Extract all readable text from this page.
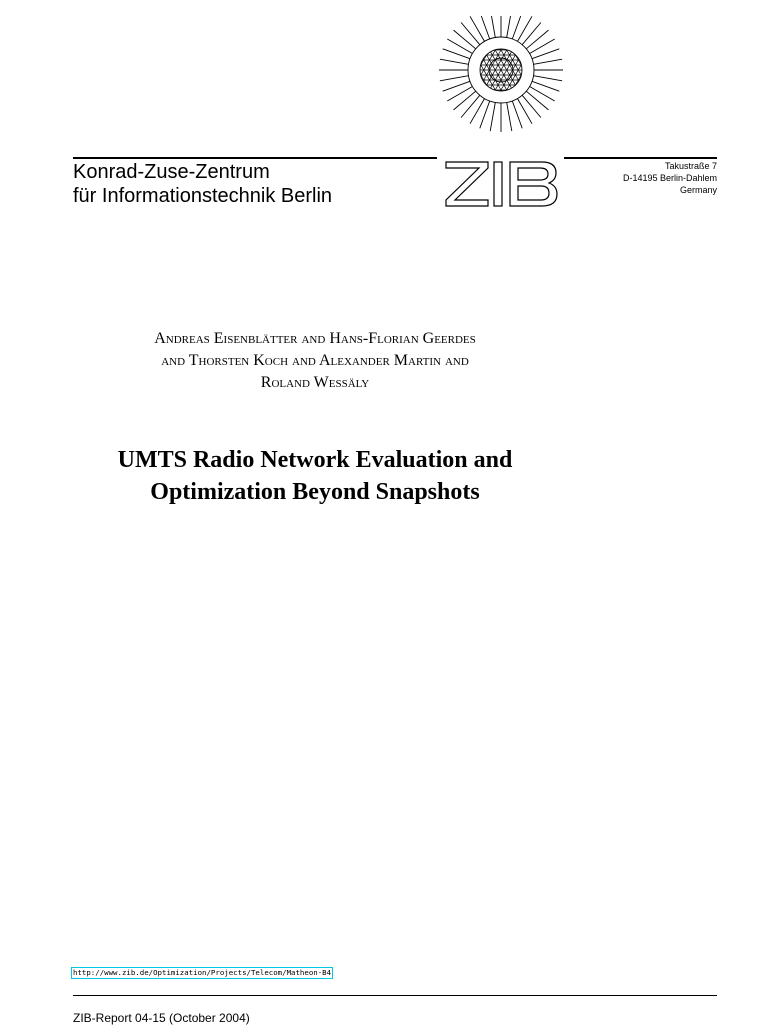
Konrad-Zuse-Zentrum
für Informationstechnik Berlin
Takustraße 7
D-14195 Berlin-Dahlem
Germany
Andreas Eisenblätter and Hans-Florian Geerdes
and Thorsten Koch and Alexander Martin and
Roland Wessäly
UMTS Radio Network Evaluation and
Optimization Beyond Snapshots
http://www.zib.de/Optimization/Projects/Telecom/Matheon-B4
ZIB-Report 04-15 (October 2004)
